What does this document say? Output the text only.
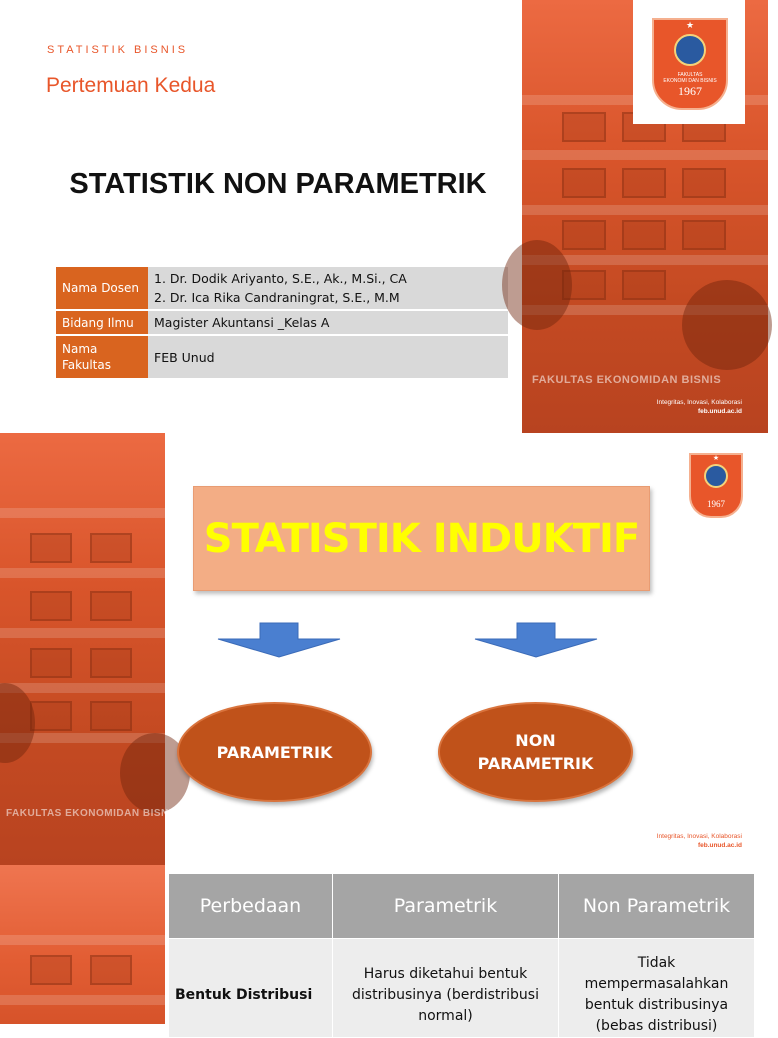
STATISTIK BISNIS
Pertemuan Kedua
STATISTIK NON PARAMETRIK
Nama Dosen	1. Dr. Dodik Ariyanto, S.E., Ak., M.Si., CA
2. Dr. Ica Rika Candraningrat, S.E., M.M

Bidang Ilmu	Magister Akuntansi _Kelas A
Nama Fakultas	FEB Unud
FAKULTAS EKONOMIDAN BISNIS
Integritas, Inovasi, Kolaborasi
feb.unud.ac.id
★
FAKULTAS
EKONOMI DAN BISNIS
1967
FAKULTAS EKONOMIDAN BISNIS
★
1967
STATISTIK INDUKTIF
PARAMETRIK
NON
PARAMETRIK
Integritas, Inovasi, Kolaborasi
feb.unud.ac.id
Perbedaan	Parametrik	Non Parametrik
Bentuk Distribusi	Harus diketahui bentuk distribusinya (berdistribusi normal)	Tidak mempermasalahkan bentuk distribusinya (bebas distribusi)
